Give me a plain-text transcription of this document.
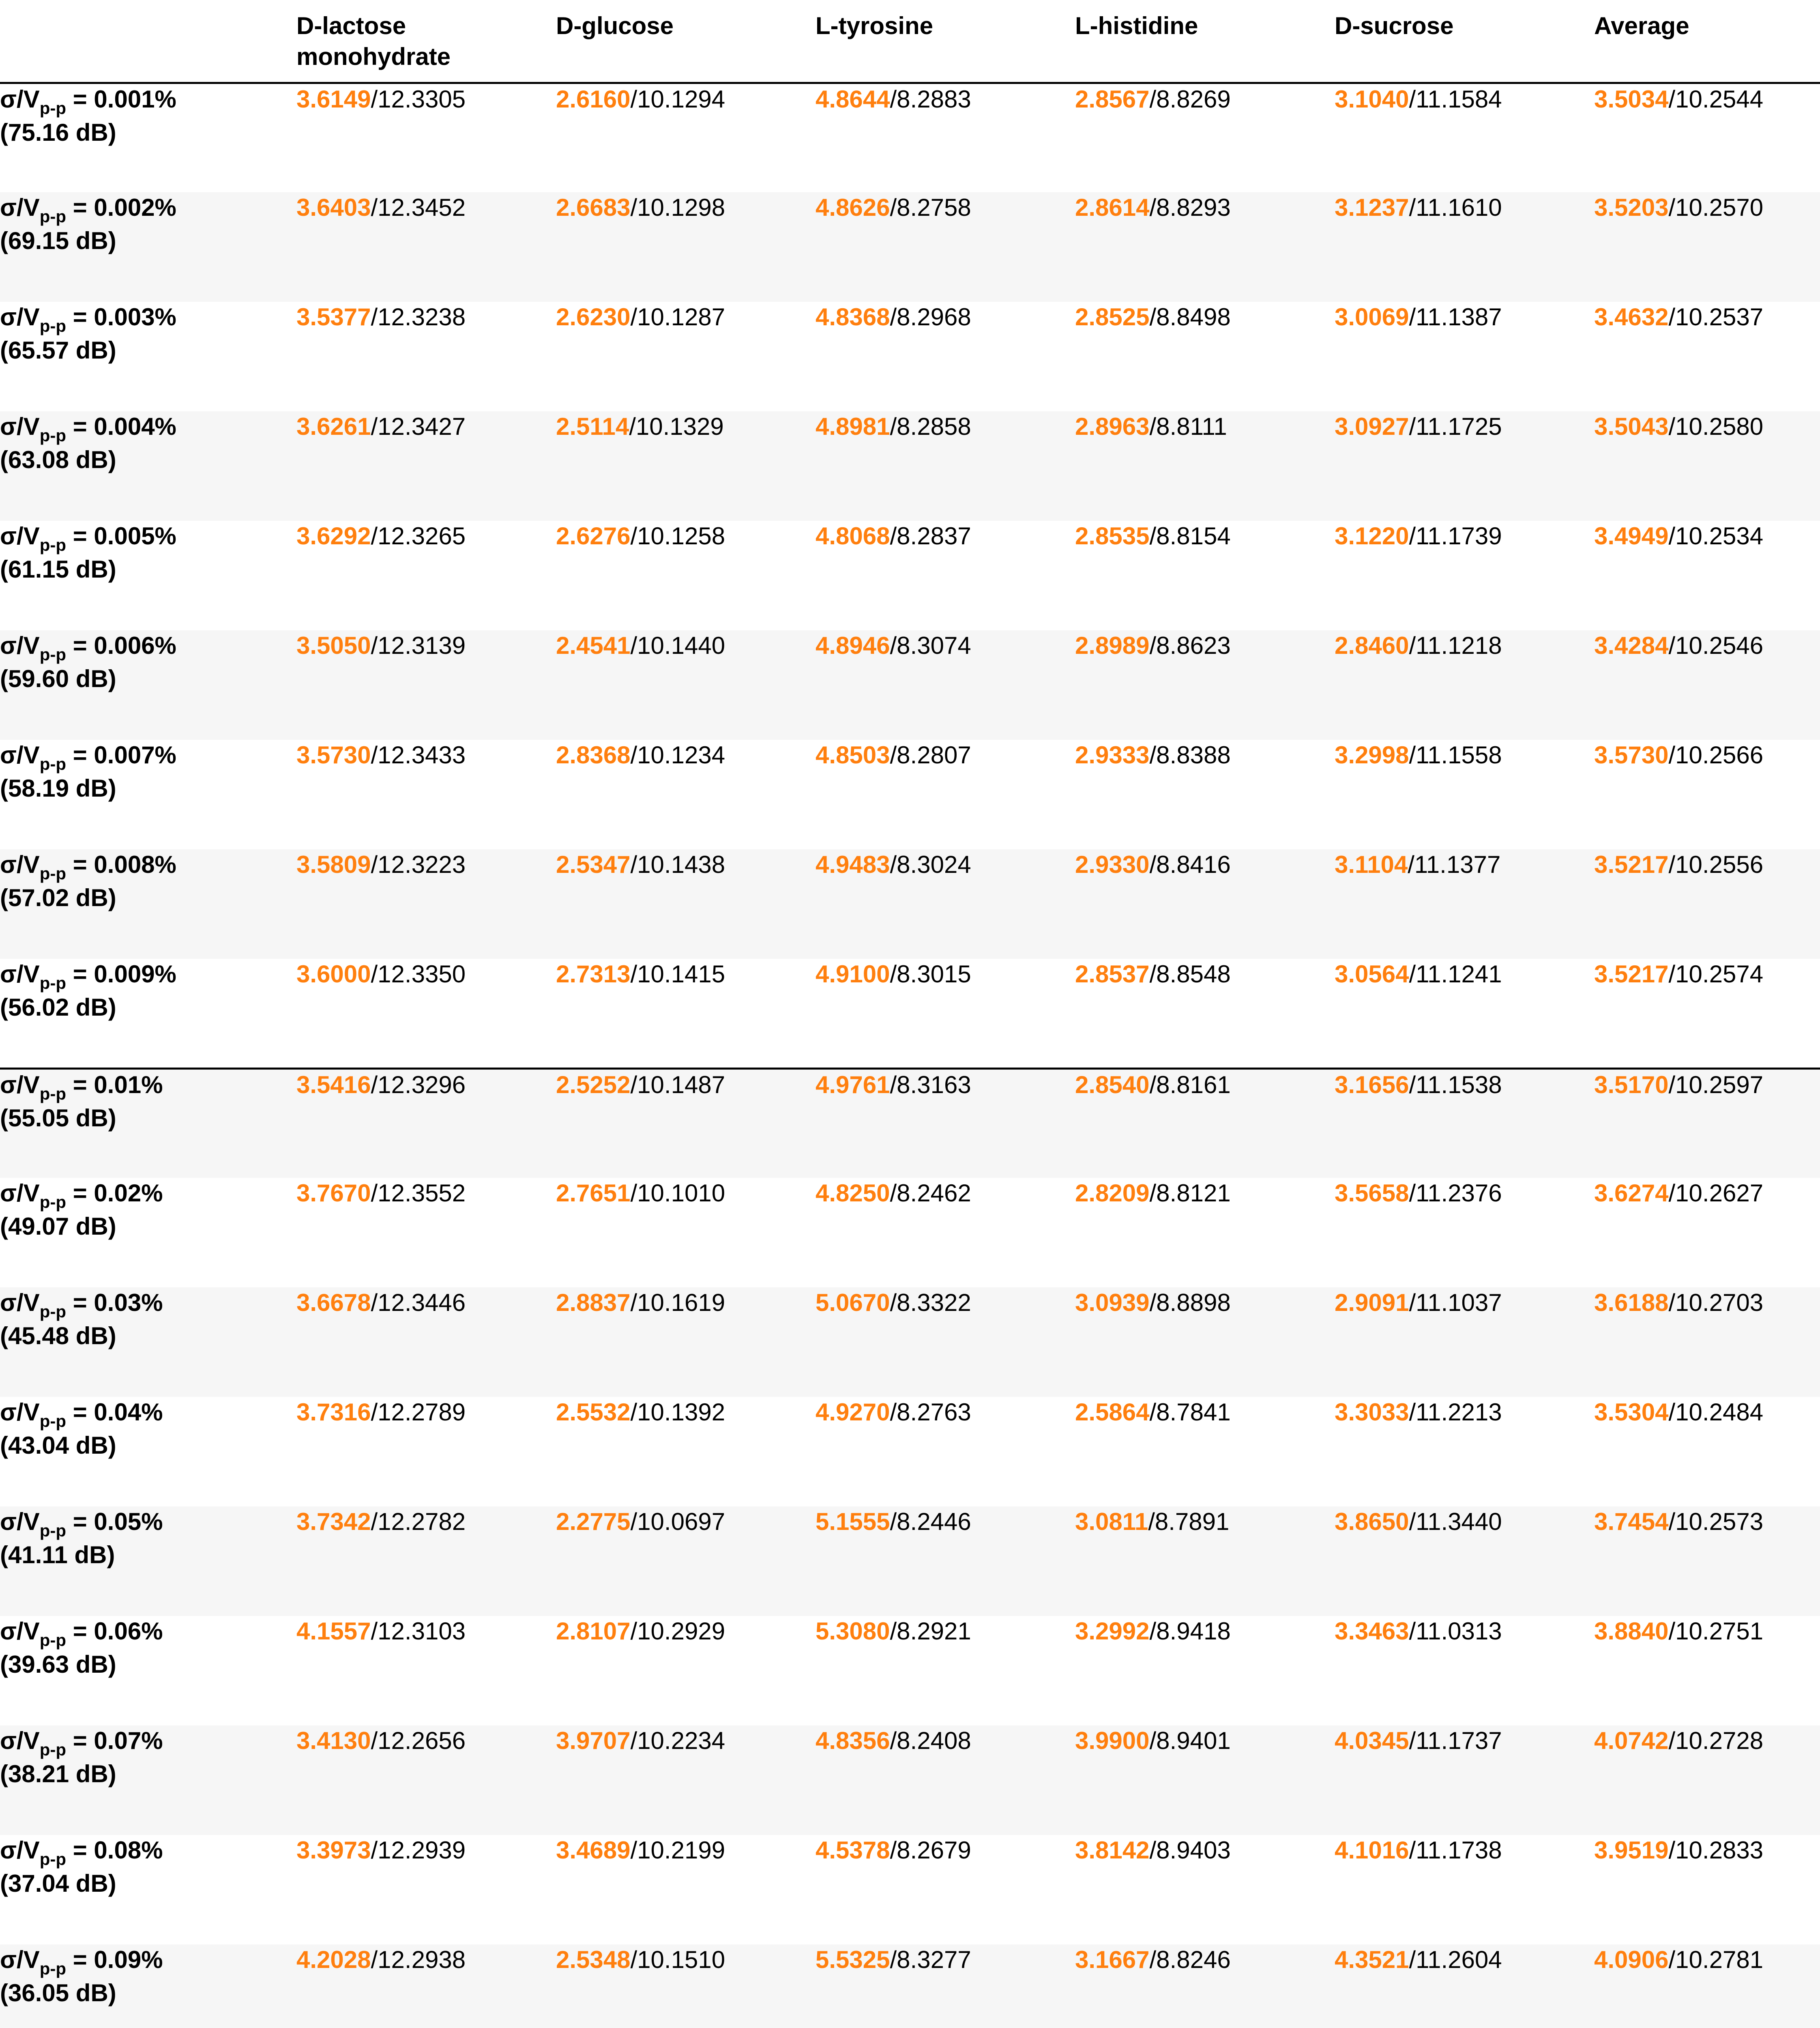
	D-lactose monohydrate	D-glucose	L-tyrosine	L-histidine	D-sucrose	Average
$\sigma/V_{p-p} = 0.001\%$
(75.16 dB)	3.6149/12.3305	2.6160/10.1294	4.8644/8.2883	2.8567/8.8269	3.1040/11.1584	3.5034/10.2544
$\sigma/V_{p-p} = 0.002\%$
(69.15 dB)	3.6403/12.3452	2.6683/10.1298	4.8626/8.2758	2.8614/8.8293	3.1237/11.1610	3.5203/10.2570
$\sigma/V_{p-p} = 0.003\%$
(65.57 dB)	3.5377/12.3238	2.6230/10.1287	4.8368/8.2968	2.8525/8.8498	3.0069/11.1387	3.4632/10.2537
$\sigma/V_{p-p} = 0.004\%$
(63.08 dB)	3.6261/12.3427	2.5114/10.1329	4.8981/8.2858	2.8963/8.8111	3.0927/11.1725	3.5043/10.2580
$\sigma/V_{p-p} = 0.005\%$
(61.15 dB)	3.6292/12.3265	2.6276/10.1258	4.8068/8.2837	2.8535/8.8154	3.1220/11.1739	3.4949/10.2534
$\sigma/V_{p-p} = 0.006\%$
(59.60 dB)	3.5050/12.3139	2.4541/10.1440	4.8946/8.3074	2.8989/8.8623	2.8460/11.1218	3.4284/10.2546
$\sigma/V_{p-p} = 0.007\%$
(58.19 dB)	3.5730/12.3433	2.8368/10.1234	4.8503/8.2807	2.9333/8.8388	3.2998/11.1558	3.5730/10.2566
$\sigma/V_{p-p} = 0.008\%$
(57.02 dB)	3.5809/12.3223	2.5347/10.1438	4.9483/8.3024	2.9330/8.8416	3.1104/11.1377	3.5217/10.2556
$\sigma/V_{p-p} = 0.009\%$
(56.02 dB)	3.6000/12.3350	2.7313/10.1415	4.9100/8.3015	2.8537/8.8548	3.0564/11.1241	3.5217/10.2574
$\sigma/V_{p-p} = 0.01\%$
(55.05 dB)	3.5416/12.3296	2.5252/10.1487	4.9761/8.3163	2.8540/8.8161	3.1656/11.1538	3.5170/10.2597
$\sigma/V_{p-p} = 0.02\%$
(49.07 dB)	3.7670/12.3552	2.7651/10.1010	4.8250/8.2462	2.8209/8.8121	3.5658/11.2376	3.6274/10.2627
$\sigma/V_{p-p} = 0.03\%$
(45.48 dB)	3.6678/12.3446	2.8837/10.1619	5.0670/8.3322	3.0939/8.8898	2.9091/11.1037	3.6188/10.2703
$\sigma/V_{p-p} = 0.04\%$
(43.04 dB)	3.7316/12.2789	2.5532/10.1392	4.9270/8.2763	2.5864/8.7841	3.3033/11.2213	3.5304/10.2484
$\sigma/V_{p-p} = 0.05\%$
(41.11 dB)	3.7342/12.2782	2.2775/10.0697	5.1555/8.2446	3.0811/8.7891	3.8650/11.3440	3.7454/10.2573
$\sigma/V_{p-p} = 0.06\%$
(39.63 dB)	4.1557/12.3103	2.8107/10.2929	5.3080/8.2921	3.2992/8.9418	3.3463/11.0313	3.8840/10.2751
$\sigma/V_{p-p} = 0.07\%$
(38.21 dB)	3.4130/12.2656	3.9707/10.2234	4.8356/8.2408	3.9900/8.9401	4.0345/11.1737	4.0742/10.2728
$\sigma/V_{p-p} = 0.08\%$
(37.04 dB)	3.3973/12.2939	3.4689/10.2199	4.5378/8.2679	3.8142/8.9403	4.1016/11.1738	3.9519/10.2833
$\sigma/V_{p-p} = 0.09\%$
(36.05 dB)	4.2028/12.2938	2.5348/10.1510	5.5325/8.3277	3.1667/8.8246	4.3521/11.2604	4.0906/10.2781
